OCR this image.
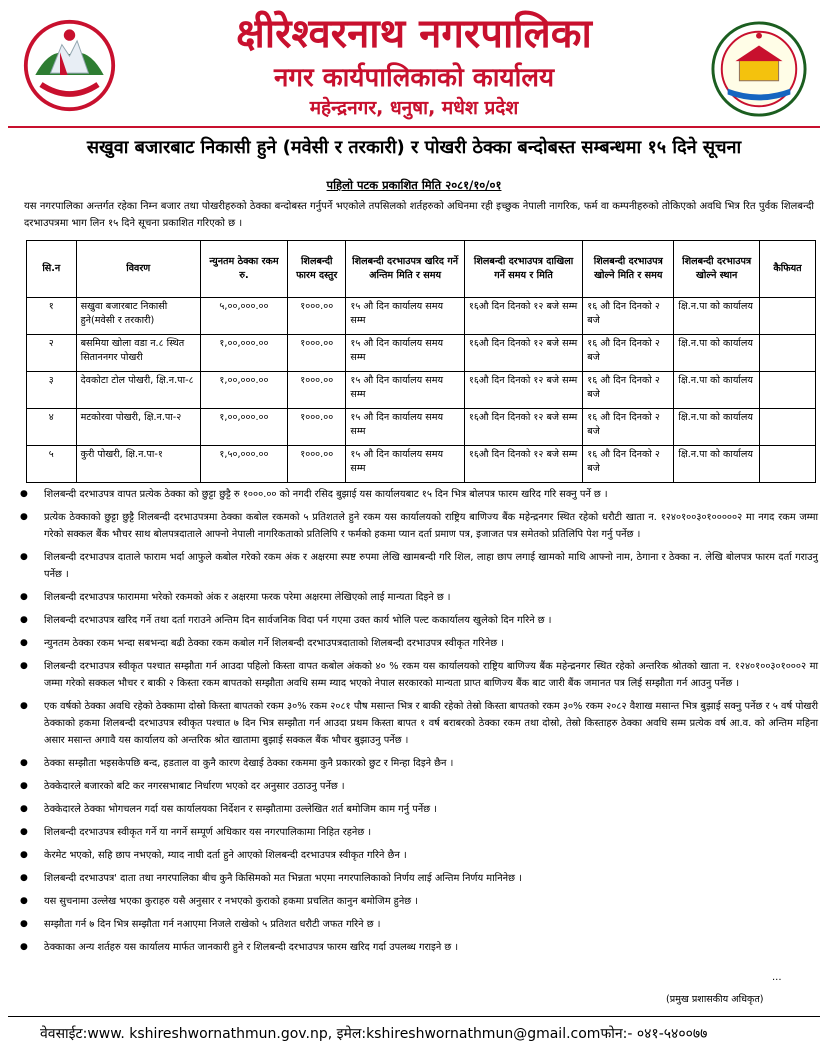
क्षीरेश्वरनाथ नगरपालिका
नगर कार्यपालिकाको कार्यालय
महेन्द्रनगर, धनुषा, मधेश प्रदेश
सखुवा बजारबाट निकासी हुने (मवेसी र तरकारी) र पोखरी ठेक्का बन्दोबस्त सम्बन्धमा १५ दिने सूचना
पहिलो पटक प्रकाशित मिति २०८१/१०/०१
यस नगरपालिका अन्तर्गत रहेका निम्न बजार तथा पोखरीहरुको ठेक्का बन्दोबस्त गर्नुपर्ने भएकोले तपसिलको शर्तहरुको अधिनमा रही इच्छुक नेपाली नागरिक, फर्म वा कम्पनीहरुको तोकिएको अवधि भित्र रित पुर्वक शिलबन्दी दरभाउपत्रमा भाग लिन १५ दिने सूचना प्रकाशित गरिएको छ ।
सि.न	विवरण	न्युनतम ठेक्का रकम रु.	शिलबन्दी फारम दस्तुर	शिलबन्दी दरभाउपत्र खरिद गर्ने अन्तिम मिति र समय	शिलबन्दी दरभाउपत्र दाखिला गर्ने समय र मिति	शिलबन्दी दरभाउपत्र खोल्ने मिति र समय	शिलबन्दी दरभाउपत्र खोल्ने स्थान	कैफियत
१	सखुवा बजारबाट निकासी हुने(मवेसी र तरकारी)	५,००,०००.००	१०००.००	१५ औ दिन कार्यालय समय सम्म	१६औ दिन दिनको १२ बजे सम्म	१६ औ दिन दिनको २ बजे	क्षि.न.पा को कार्यालय	
२	बसमिया खोला वडा न.८ स्थित सिताननगर पोखरी	१,००,०००.००	१०००.००	१५ औ दिन कार्यालय समय सम्म	१६औ दिन दिनको १२ बजे सम्म	१६ औ दिन दिनको २ बजे	क्षि.न.पा को कार्यालय	
३	देवकोटा टोल पोखरी, क्षि.न.पा-८	१,००,०००.००	१०००.००	१५ औ दिन कार्यालय समय सम्म	१६औ दिन दिनको १२ बजे सम्म	१६ औ दिन दिनको २ बजे	क्षि.न.पा को कार्यालय	
४	मटकोरवा पोखरी, क्षि.न.पा-२	१,००,०००.००	१०००.००	१५ औ दिन कार्यालय समय सम्म	१६औ दिन दिनको १२ बजे सम्म	१६ औ दिन दिनको २ बजे	क्षि.न.पा को कार्यालय	
५	कुरी पोखरी, क्षि.न.पा-१	१,५०,०००.००	१०००.००	१५ औ दिन कार्यालय समय सम्म	१६औ दिन दिनको १२ बजे सम्म	१६ औ दिन दिनको २ बजे	क्षि.न.पा को कार्यालय	
● शिलबन्दी दरभाउपत्र वापत प्रत्येक ठेक्का को छुट्टा छुट्टै रु १०००.०० को नगदी रसिद बुझाई यस कार्यालयबाट १५ दिन भित्र बोलपत्र फारम खरिद गरि सक्नु पर्ने छ ।
● प्रत्येक ठेक्काको छुट्टा छुट्टै शिलबन्दी दरभाउपत्रमा ठेक्का कबोल रकमको ५ प्रतिशतले हुने रकम यस कार्यालयको राष्ट्रिय बाणिज्य बैंक महेन्द्रनगर स्थित रहेको धरौटी खाता न. १२४०१००३०१०००००२ मा नगद रकम जम्मा गरेको सक्कल बैंक भौचर साथ बोलपत्रदाताले आफ्नो नेपाली नागरिकताको प्रतिलिपि र फर्मको हकमा प्यान दर्ता प्रमाण पत्र, इजाजत पत्र समेतको प्रतिलिपि पेश गर्नु पर्नेछ ।
● शिलबन्दी दरभाउपत्र दाताले फाराम भर्दा आफुले कबोल गरेको रकम अंक र अक्षरमा स्पष्ट रुपमा लेखि खामबन्दी गरि शिल, लाहा छाप लगाई खामको माथि आफ्नो नाम, ठेगाना र ठेक्का न. लेखि बोलपत्र फारम दर्ता गराउनु पर्नेछ ।
● शिलबन्दी दरभाउपत्र फाराममा भरेको रकमको अंक र अक्षरमा फरक परेमा अक्षरमा लेखिएको लाई मान्यता दिइने छ ।
● शिलबन्दी दरभाउपत्र खरिद गर्ने तथा दर्ता गराउने अन्तिम दिन सार्वजनिक विदा पर्न गएमा उक्त कार्य भोलि पल्ट ककार्यालय खुलेको दिन गरिने छ ।
● न्युनतम ठेक्का रकम भन्दा सबभन्दा बढी ठेक्का रकम कबोल गर्ने शिलबन्दी दरभाउपत्रदाताको शिलबन्दी दरभाउपत्र स्वीकृत गरिनेछ ।
● शिलबन्दी दरभाउपत्र स्वीकृत पश्चात सम्झौता गर्न आउदा पहिलो किस्ता वापत कबोल अंकको ४० % रकम यस कार्यालयको राष्ट्रिय बाणिज्य बैंक महेन्द्रनगर स्थित रहेको अन्तरिक श्रोतको खाता न. १२४०१००३०१०००२ मा जम्मा गरेको सक्कल भौचर र बाकी २ किस्ता रकम बापतको सम्झौता अवधि सम्म म्याद भएको नेपाल सरकारको मान्यता प्राप्त बाणिज्य बैंक बाट जारी बैंक जमानत पत्र लिई सम्झौता गर्न आउनु पर्नेछ ।
● एक वर्षको ठेक्का अवधि रहेको ठेक्कामा दोस्रो किस्ता बापतको रकम ३०% रकम २०८१ पौष मसान्त भित्र र बाकी रहेको तेस्रो किस्ता बापतको रकम ३०% रकम २०८२ वैशाख मसान्त भित्र बुझाई सक्नु पर्नेछ र ५ वर्ष पोखरी ठेक्काको हकमा शिलबन्दी दरभाउपत्र स्वीकृत पश्चात ७ दिन भित्र सम्झौता गर्न आउदा प्रथम किस्ता बापत १ वर्ष बराबरको ठेक्का रकम तथा दोस्रो, तेस्रो किस्ताहरु ठेक्का अवधि सम्म प्रत्येक वर्ष आ.व. को अन्तिम महिना असार मसान्त अगावै यस कार्यालय को अन्तरिक श्रोत खातामा बुझाई सक्कल बैंक भौचर बुझाउनु पर्नेछ ।
● ठेक्का सम्झौता भइसकेपछि बन्द, हडताल वा कुनै कारण देखाई ठेक्का रकममा कुनै प्रकारको छुट र मिन्हा दिइने छैन ।
● ठेक्केदारले बजारको बटि कर नगरसभाबाट निर्धारण भएको दर अनुसार उठाउनु पर्नेछ ।
● ठेक्केदारले ठेक्का भोगचलन गर्दा यस कार्यालयका निर्देशन र सम्झौतामा उल्लेखित शर्त बमोजिम काम गर्नु पर्नेछ ।
● शिलबन्दी दरभाउपत्र स्वीकृत गर्ने या नगर्ने सम्पूर्ण अधिकार यस नगरपालिकामा निहित रहनेछ ।
● केरमेट भएको, सहि छाप नभएको, म्याद नाघी दर्ता हुने आएको शिलबन्दी दरभाउपत्र स्वीकृत गरिने छैन ।
● शिलबन्दी दरभाउपत्र' दाता तथा नगरपालिका बीच कुनै किसिमको मत भिन्नता भएमा नगरपालिकाको निर्णय लाई अन्तिम निर्णय मानिनेछ ।
● यस सुचनामा उल्लेख भएका कुराहरु यसै अनुसार र नभएको कुराको हकमा प्रचलित कानुन बमोजिम हुनेछ ।
● सम्झौता गर्न ७ दिन भित्र सम्झौता गर्न नआएमा निजले राखेको ५ प्रतिशत धरौटी जफत गरिने छ ।
● ठेक्काका अन्य शर्तहरु यस कार्यालय मार्फत जानकारी हुने र शिलबन्दी दरभाउपत्र फारम खरिद गर्दा उपलब्ध गराइने छ ।
...
(प्रमुख प्रशासकीय अधिकृत)
वेवसाईट:www. kshireshwornathmun.gov.np, इमेल:kshireshwornathmun@gmail.comफोन:- ०४१-५४००७७
